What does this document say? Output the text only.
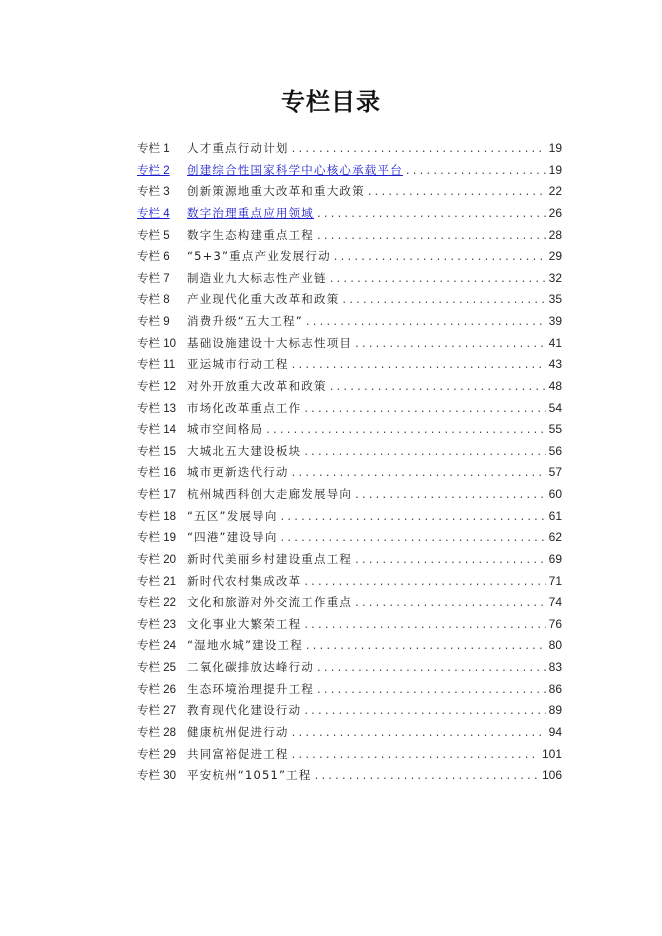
专栏目录
专栏 1	人才重点行动计划 .....	19
专栏 2	创建综合性国家科学中心核心承载平台 .....	19
专栏 3	创新策源地重大改革和重大政策 .....	22
专栏 4	数字治理重点应用领域 .....	26
专栏 5	数字生态构建重点工程 .....	28
专栏 6	“5+3”重点产业发展行动 .....	29
专栏 7	制造业九大标志性产业链 .....	32
专栏 8	产业现代化重大改革和政策 .....	35
专栏 9	消费升级“五大工程” .....	39
专栏 10 基础设施建设十大标志性项目 .....	41
专栏 11	亚运城市行动工程 .....	43
专栏 12 对外开放重大改革和政策 .....	48
专栏 13 市场化改革重点工作 .....	54
专栏 14 城市空间格局 .....	55
专栏 15 大城北五大建设板块 .....	56
专栏 16 城市更新迭代行动 .....	57
专栏 17 杭州城西科创大走廊发展导向 .....	60
专栏 18 “五区”发展导向 .....	61
专栏 19 “四港”建设导向 .....	62
专栏 20 新时代美丽乡村建设重点工程 .....	69
专栏 21 新时代农村集成改革 .....	71
专栏 22 文化和旅游对外交流工作重点 .....	74
专栏 23 文化事业大繁荣工程 .....	76
专栏 24 “湿地水城”建设工程 .....	80
专栏 25 二氧化碳排放达峰行动 .....	83
专栏 26 生态环境治理提升工程 .....	86
专栏 27 教育现代化建设行动 .....	89
专栏 28 健康杭州促进行动 .....	94
专栏 29 共同富裕促进工程 .....	101
专栏 30 平安杭州“1051”工程 .....	106
